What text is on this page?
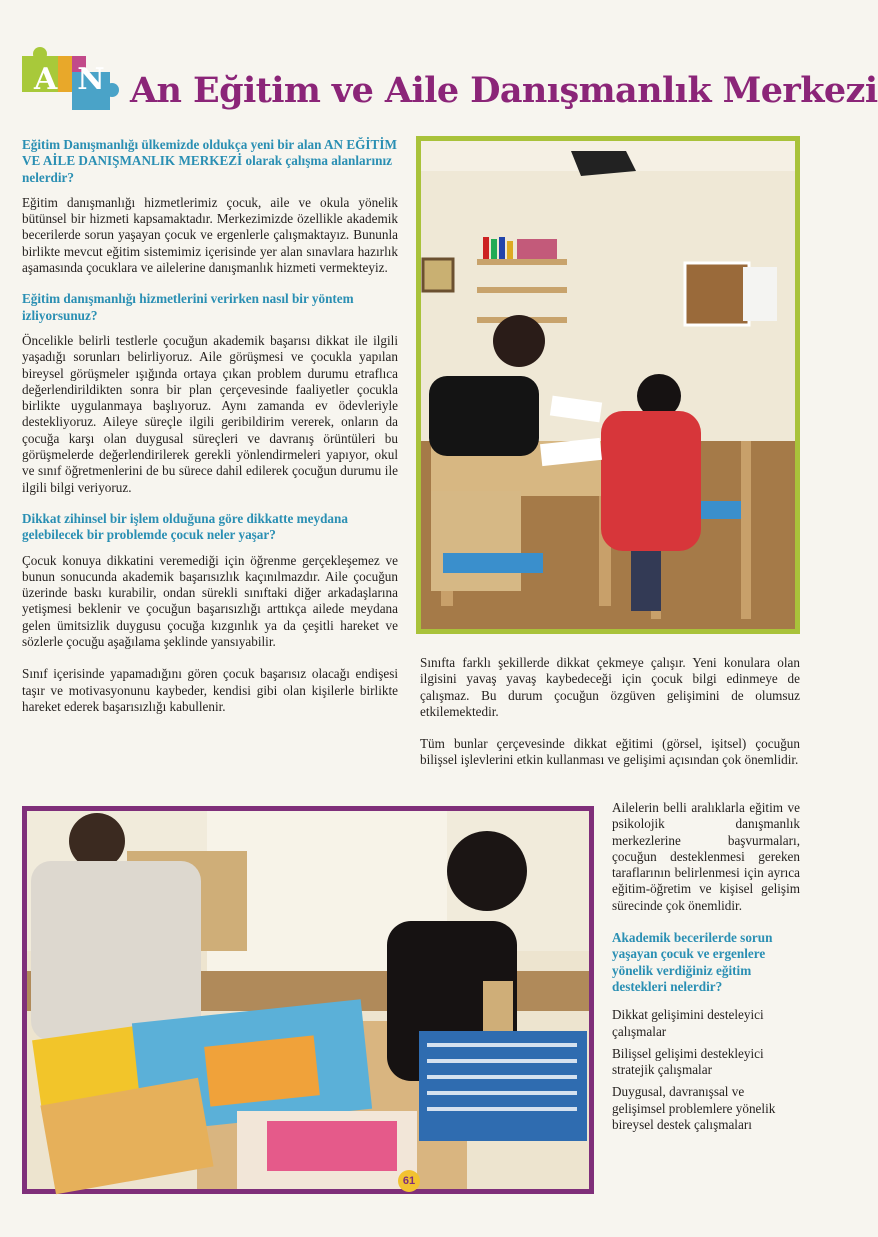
AN An Eğitim ve Aile Danışmanlık Merkezi

Eğitim Danışmanlığı ülkemizde oldukça yeni bir alan AN EĞİTİM VE AİLE DANIŞMANLIK MERKEZİ olarak çalışma alanlarınız nelerdir?

Eğitim danışmanlığı hizmetlerimiz çocuk, aile ve okula yönelik bütünsel bir hizmeti kapsamaktadır. Merkezimizde özellikle akademik becerilerde sorun yaşayan çocuk ve ergenlerle çalışmaktayız. Bununla birlikte mevcut eğitim sistemimiz içerisinde yer alan sınavlara hazırlık aşamasında çocuklara ve ailelerine danışmanlık hizmeti vermekteyiz.

Eğitim danışmanlığı hizmetlerini verirken nasıl bir yöntem izliyorsunuz?

Öncelikle belirli testlerle çocuğun akademik başarısı dikkat ile ilgili yaşadığı sorunları belirliyoruz. Aile görüşmesi ve çocukla yapılan bireysel görüşmeler ışığında ortaya çıkan problem durumu etraflıca değerlendirildikten sonra bir plan çerçevesinde faaliyetler çocukla birlikte uygulanmaya başlıyoruz. Aynı zamanda ev ödevleriyle destekliyoruz. Aileye süreçle ilgili geribildirim vererek, onların da çocuğa karşı olan duygusal süreçleri ve davranış örüntüleri bu görüşmelerde değerlendirilerek gerekli yönlendirmeleri yapıyor, okul ve sınıf öğretmenlerini de bu sürece dahil edilerek çocuğun durumu ile ilgili bilgi veriyoruz.

Dikkat zihinsel bir işlem olduğuna göre dikkatte meydana gelebilecek bir problemde çocuk neler yaşar?

Çocuk konuya dikkatini veremediği için öğrenme gerçekleşemez ve bunun sonucunda akademik başarısızlık kaçınılmazdır. Aile çocuğun üzerinde baskı kurabilir, ondan sürekli sınıftaki diğer arkadaşlarına yetişmesi beklenir ve çocuğun başarısızlığı arttıkça ailede meydana gelen ümitsizlik duygusu çocuğa kızgınlık ya da çeşitli hareket ve sözlerle çocuğu aşağılama şeklinde yansıyabilir.

Sınıf içerisinde yapamadığını gören çocuk başarısız olacağı endişesi taşır ve motivasyonunu kaybeder, kendisi gibi olan kişilerle birlikte hareket ederek başarısızlığı kabullenir.

Sınıfta farklı şekillerde dikkat çekmeye çalışır. Yeni konulara olan ilgisini yavaş yavaş kaybedeceği için çocuk bilgi edinmeye de çalışmaz. Bu durum çocuğun özgüven gelişimini de olumsuz etkilemektedir.

Tüm bunlar çerçevesinde dikkat eğitimi (görsel, işitsel) çocuğun bilişsel işlevlerini etkin kullanması ve gelişimi açısından çok önemlidir.

61

Ailelerin belli aralıklarla eğitim ve psikolojik danışmanlık merkezlerine başvurmaları, çocuğun desteklenmesi gereken taraflarının belirlenmesi için ayrıca eğitim-öğretim ve kişisel gelişim sürecinde çok önemlidir.

Akademik becerilerde sorun yaşayan çocuk ve ergenlere yönelik verdiğiniz eğitim destekleri nelerdir?

Dikkat gelişimini desteleyici çalışmalar

Bilişsel gelişimi destekleyici stratejik çalışmalar

Duygusal, davranışsal ve gelişimsel problemlere yönelik bireysel destek çalışmaları
